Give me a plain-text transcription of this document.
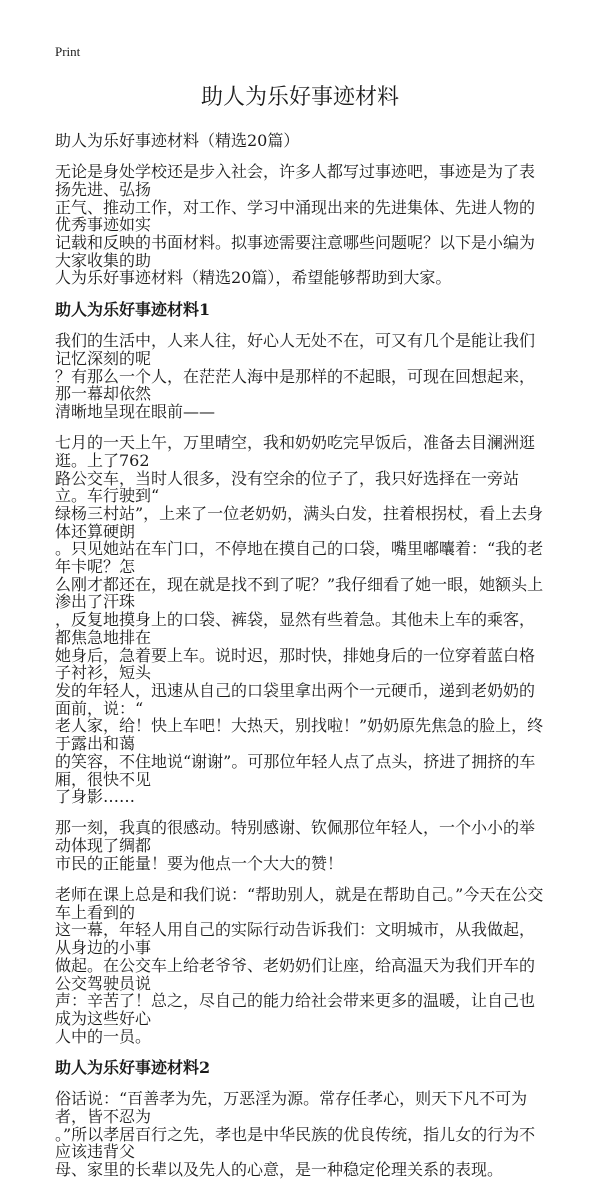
Print
助人为乐好事迹材料
助人为乐好事迹材料（精选20篇）
无论是身处学校还是步入社会，许多人都写过事迹吧，事迹是为了表扬先进、弘扬
正气、推动工作，对工作、学习中涌现出来的先进集体、先进人物的优秀事迹如实
记载和反映的书面材料。拟事迹需要注意哪些问题呢？以下是小编为大家收集的助
人为乐好事迹材料（精选20篇），希望能够帮助到大家。
助人为乐好事迹材料1
我们的生活中，人来人往，好心人无处不在，可又有几个是能让我们记忆深刻的呢
？有那么一个人，在茫茫人海中是那样的不起眼，可现在回想起来，那一幕却依然
清晰地呈现在眼前——
七月的一天上午，万里晴空，我和奶奶吃完早饭后，准备去目澜洲逛逛。上了762
路公交车，当时人很多，没有空余的位子了，我只好选择在一旁站立。车行驶到“
绿杨三村站”，上来了一位老奶奶，满头白发，拄着根拐杖，看上去身体还算硬朗
。只见她站在车门口，不停地在摸自己的口袋，嘴里嘟囔着：“我的老年卡呢？怎
么刚才都还在，现在就是找不到了呢？”我仔细看了她一眼，她额头上渗出了汗珠
，反复地摸身上的口袋、裤袋，显然有些着急。其他未上车的乘客，都焦急地排在
她身后，急着要上车。说时迟，那时快，排她身后的一位穿着蓝白格子衬衫，短头
发的年轻人，迅速从自己的口袋里拿出两个一元硬币，递到老奶奶的面前，说：“
老人家，给！快上车吧！大热天，别找啦！”奶奶原先焦急的脸上，终于露出和蔼
的笑容，不住地说“谢谢”。可那位年轻人点了点头，挤进了拥挤的车厢，很快不见
了身影……
那一刻，我真的很感动。特别感谢、钦佩那位年轻人，一个小小的举动体现了绸都
市民的正能量！要为他点一个大大的赞！
老师在课上总是和我们说：“帮助别人，就是在帮助自己。”今天在公交车上看到的
这一幕，年轻人用自己的实际行动告诉我们：文明城市，从我做起，从身边的小事
做起。在公交车上给老爷爷、老奶奶们让座，给高温天为我们开车的公交驾驶员说
声：辛苦了！总之，尽自己的能力给社会带来更多的温暖，让自己也成为这些好心
人中的一员。
助人为乐好事迹材料2
俗话说：“百善孝为先，万恶淫为源。常存任孝心，则天下凡不可为者，皆不忍为
。”所以孝居百行之先，孝也是中华民族的优良传统，指儿女的行为不应该违背父
母、家里的长辈以及先人的心意，是一种稳定伦理关系的表现。
